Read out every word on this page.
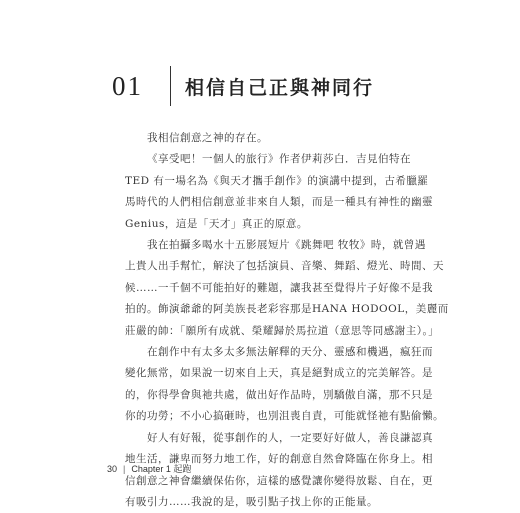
01	相信自己正與神同行
我相信創意之神的存在。
《享受吧！一個人的旅行》作者伊莉莎白．吉見伯特在
TED 有一場名為《與天才攜手創作》的演講中提到，古希臘羅
馬時代的人們相信創意並非來自人類，而是一種具有神性的幽靈
Genius，這是「天才」真正的原意。
我在拍攝多喝水十五影展短片《跳舞吧 牧牧》時，就曾遇
上貴人出手幫忙，解決了包括演員、音樂、舞蹈、燈光、時間、天
候……一千個不可能拍好的難題，讓我甚至覺得片子好像不是我
拍的。飾演爺爺的阿美族長老彩容那是HANA HODOOL，美麗而
莊嚴的帥：「願所有成就、榮耀歸於馬拉道（意思等同感謝主）。」
在創作中有太多太多無法解釋的天分、靈感和機遇，瘋狂而
變化無常，如果說一切來自上天，真是絕對成立的完美解答。是
的，你得學會與祂共處，做出好作品時，別驕傲自滿，那不只是
你的功勞；不小心搞砸時，也別沮喪自責，可能就怪祂有點偷懶。
好人有好報，從事創作的人，一定要好好做人，善良謙認真
地生活，謙卑而努力地工作，好的創意自然會降臨在你身上。相
信創意之神會繼續保佑你，這樣的感覺讓你變得放鬆、自在，更
有吸引力……我說的是，吸引點子找上你的正能量。
30 | Chapter 1 起跑
